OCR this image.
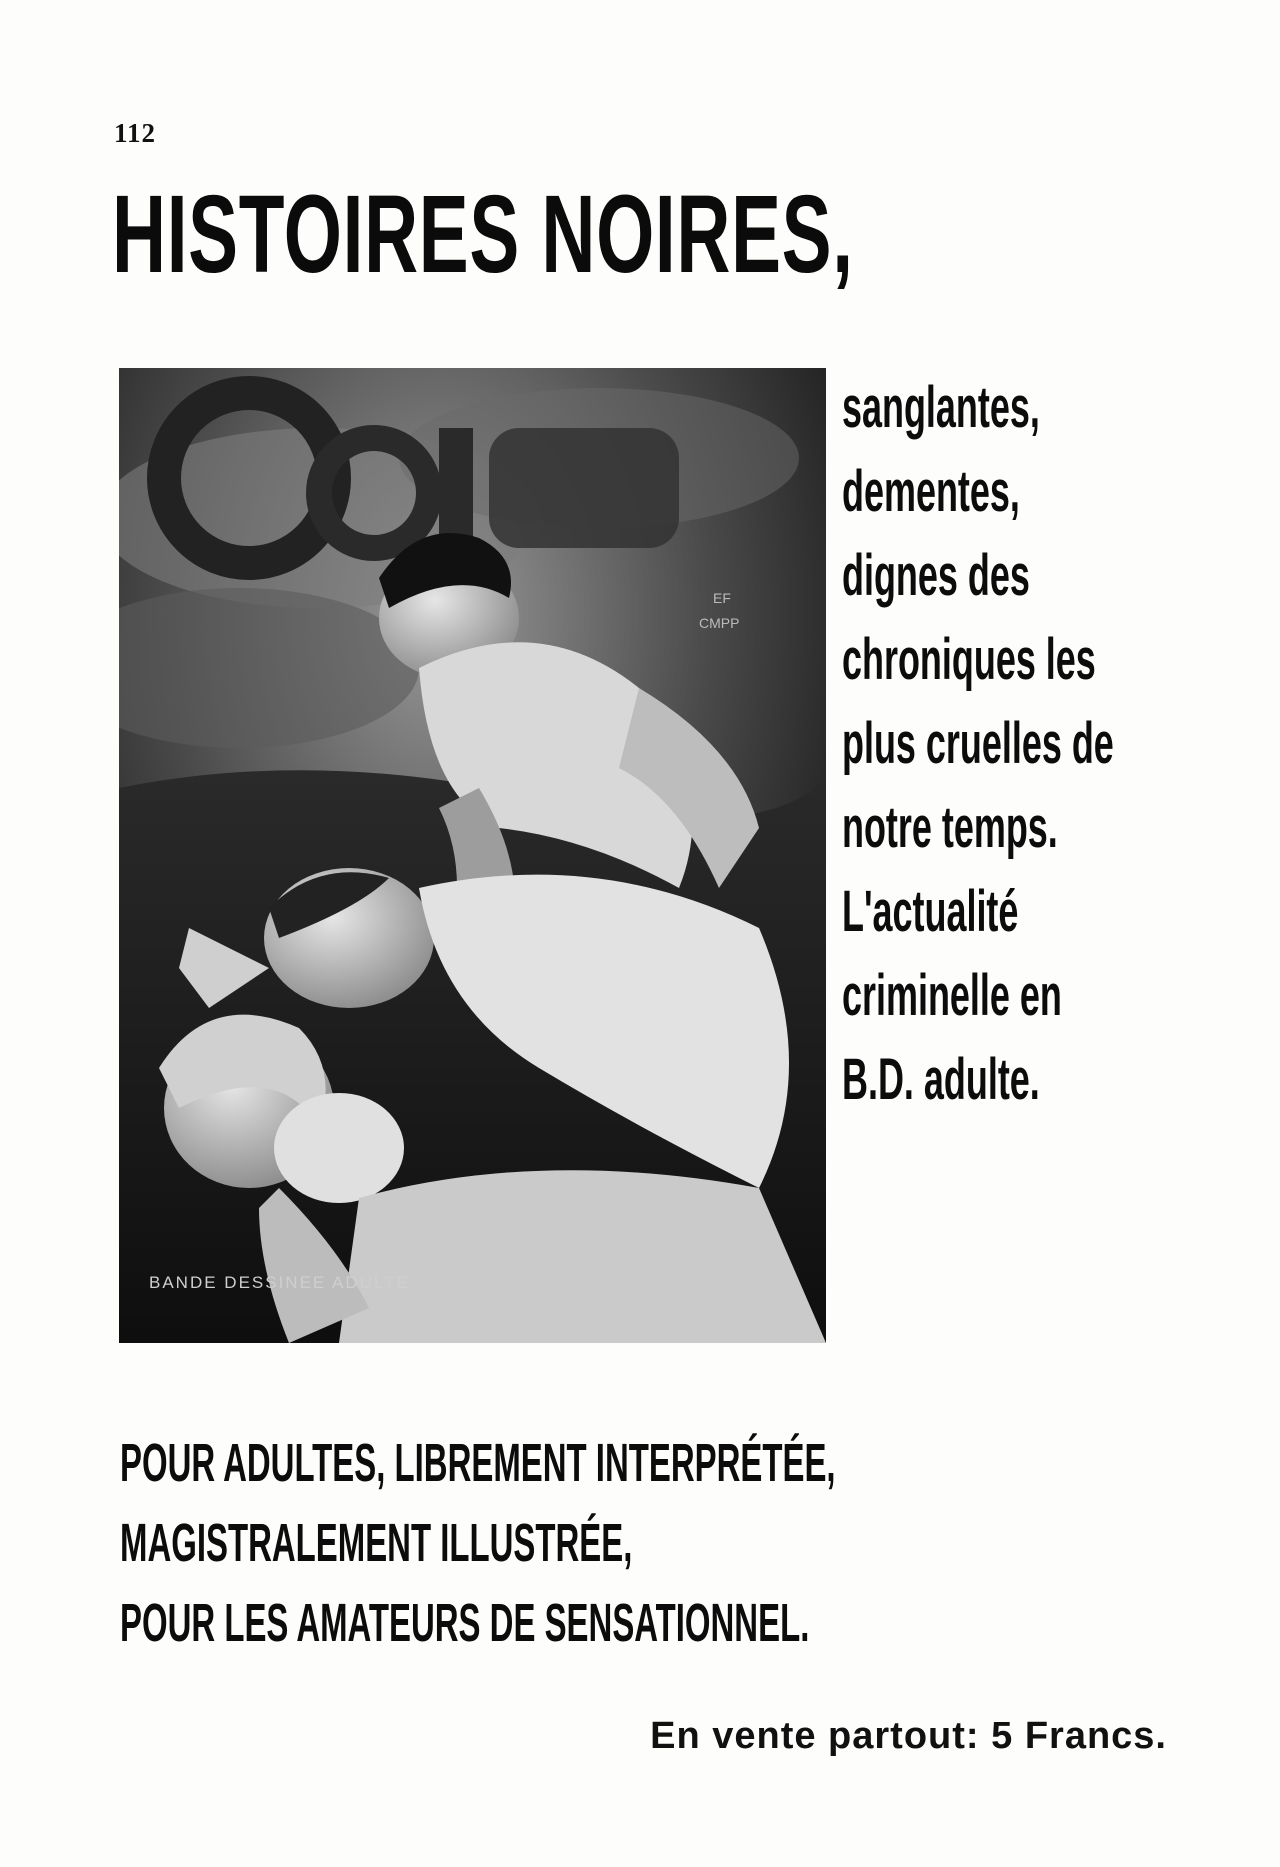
112
HISTOIRES NOIRES,
EF
CMPP
BANDE DESSINEE ADULTE
sanglantes,
dementes,
dignes des
chroniques les
plus cruelles de
notre temps.
L'actualité
criminelle en
B.D. adulte.
POUR ADULTES, LIBREMENT INTERPRÉTÉE,
MAGISTRALEMENT ILLUSTRÉE,
POUR LES AMATEURS DE SENSATIONNEL.
En vente partout: 5 Francs.
